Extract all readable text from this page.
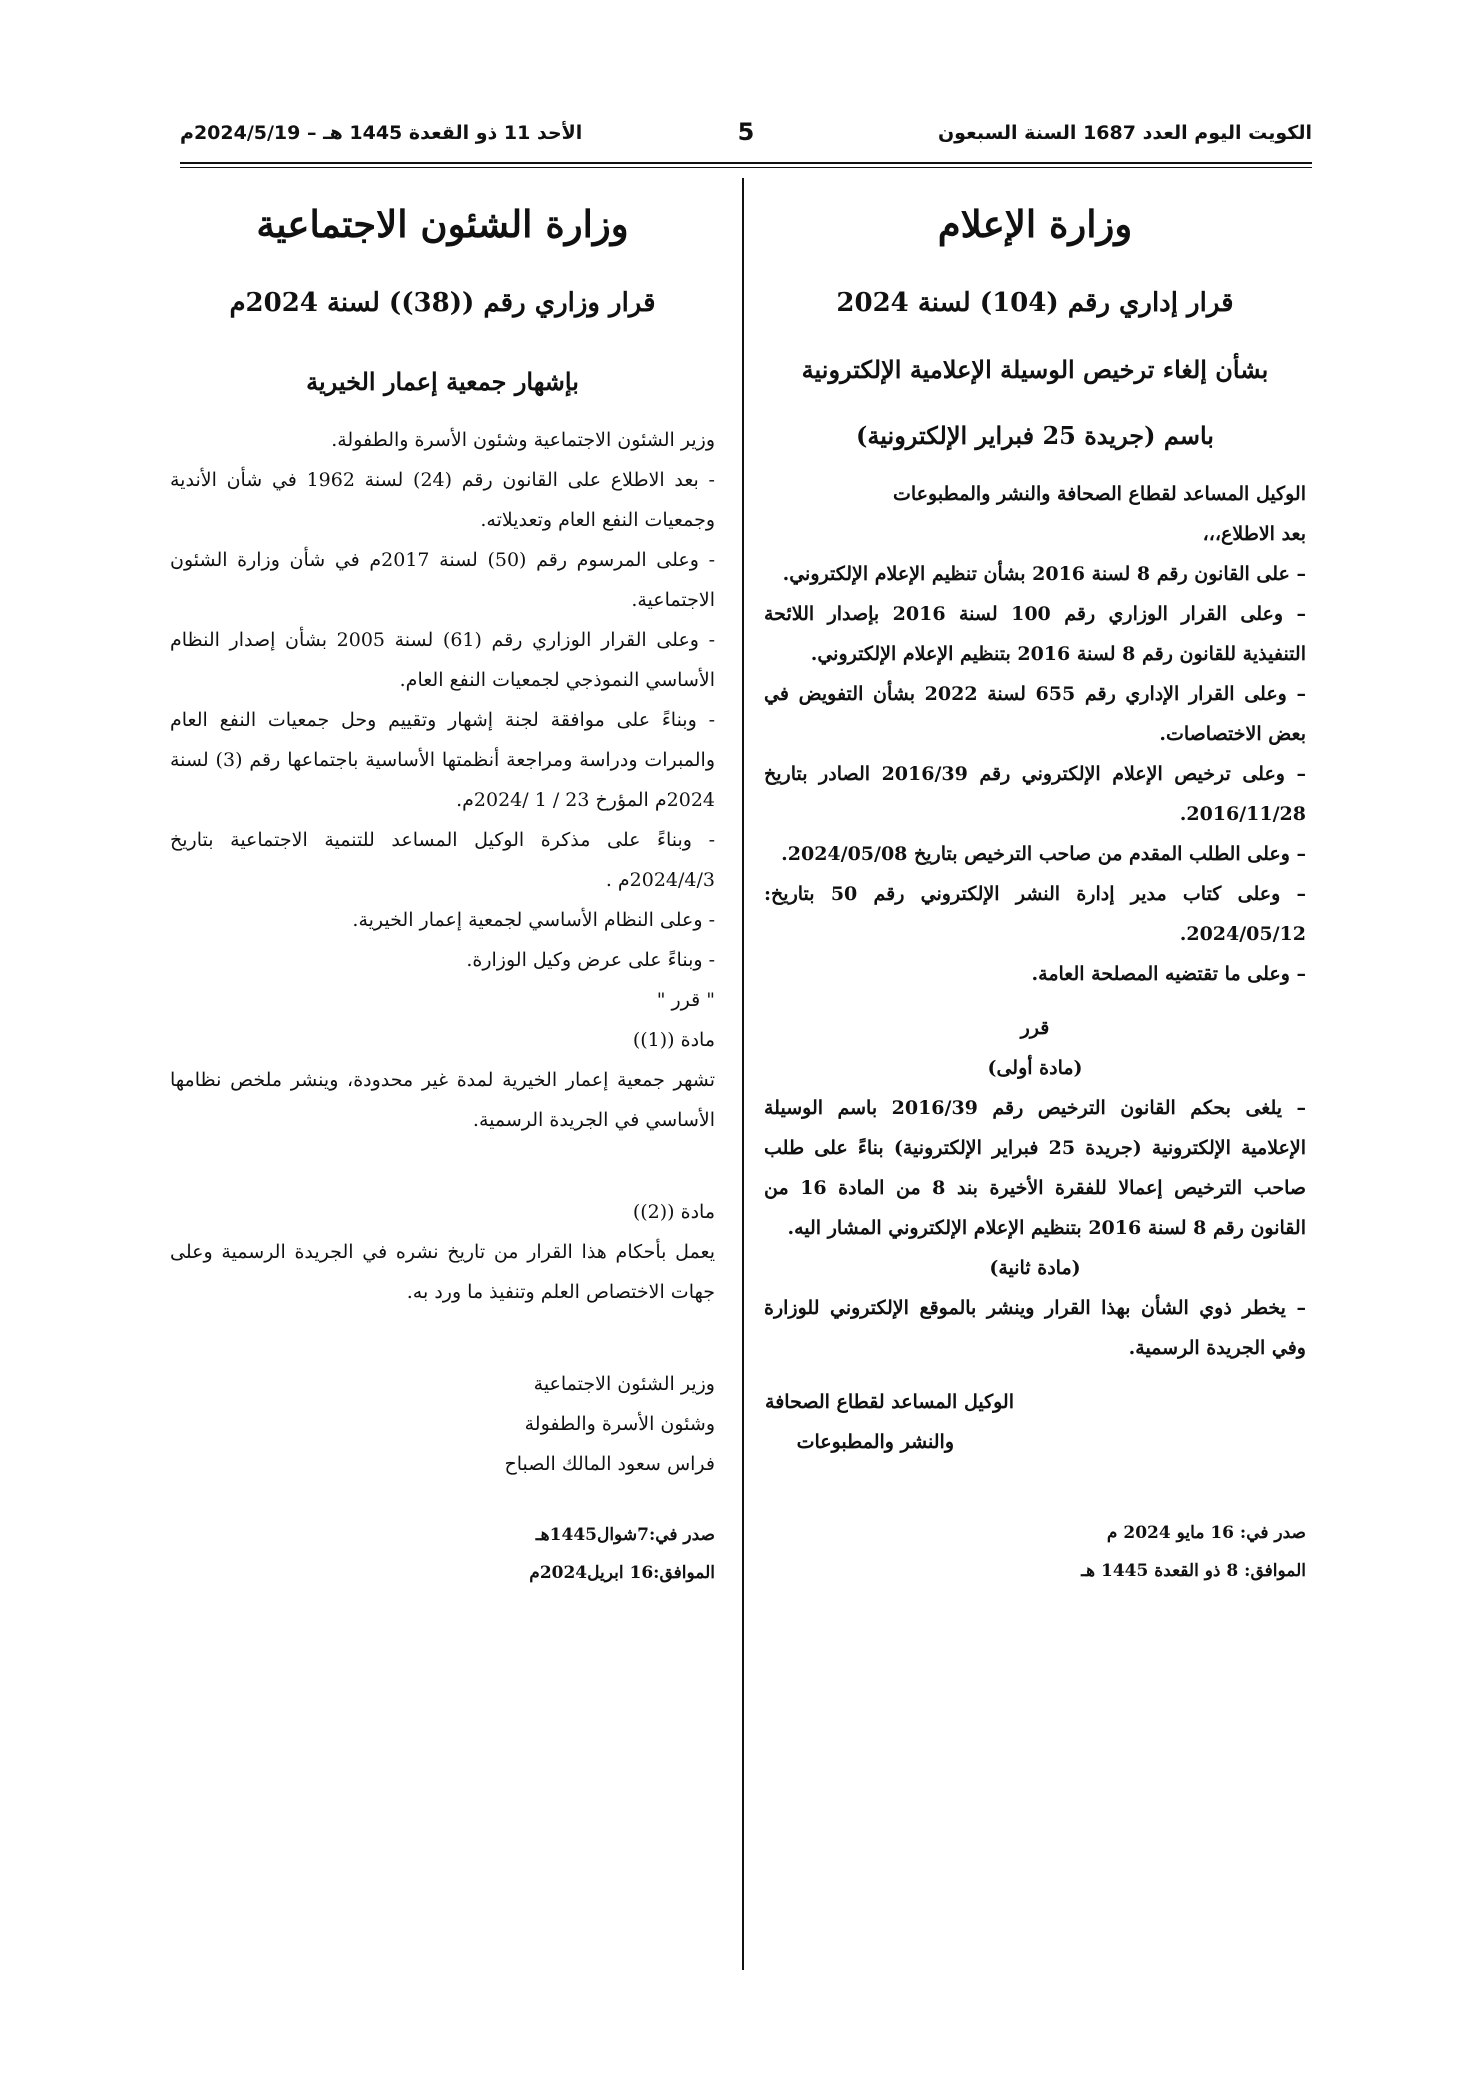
الكويت اليوم العدد 1687 السنة السبعون
5
الأحد 11 ذو القعدة 1445 هـ – 2024/5/19م
وزارة الإعلام
قرار إداري رقم (104) لسنة 2024
بشأن إلغاء ترخيص الوسيلة الإعلامية الإلكترونية
باسم (جريدة 25 فبراير الإلكترونية)

الوكيل المساعد لقطاع الصحافة والنشر والمطبوعات

بعد الاطلاع،،،

– على القانون رقم 8 لسنة 2016 بشأن تنظيم الإعلام الإلكتروني.

– وعلى القرار الوزاري رقم 100 لسنة 2016 بإصدار اللائحة التنفيذية للقانون رقم 8 لسنة 2016 بتنظيم الإعلام الإلكتروني.

– وعلى القرار الإداري رقم 655 لسنة 2022 بشأن التفويض في بعض الاختصاصات.

– وعلى ترخيص الإعلام الإلكتروني رقم 2016/39 الصادر بتاريخ 2016/11/28.

– وعلى الطلب المقدم من صاحب الترخيص بتاريخ 2024/05/08.

– وعلى كتاب مدير إدارة النشر الإلكتروني رقم 50 بتاريخ: 2024/05/12.

– وعلى ما تقتضيه المصلحة العامة.

قرر

(مادة أولى)

– يلغى بحكم القانون الترخيص رقم 2016/39 باسم الوسيلة الإعلامية الإلكترونية (جريدة 25 فبراير الإلكترونية) بناءً على طلب صاحب الترخيص إعمالا للفقرة الأخيرة بند 8 من المادة 16 من القانون رقم 8 لسنة 2016 بتنظيم الإعلام الإلكتروني المشار اليه.

(مادة ثانية)

– يخطر ذوي الشأن بهذا القرار وينشر بالموقع الإلكتروني للوزارة وفي الجريدة الرسمية.

الوكيل المساعد لقطاع الصحافة

والنشر والمطبوعات

صدر في: 16 مايو 2024 م
الموافق: 8 ذو القعدة 1445 هـ
وزارة الشئون الاجتماعية
قرار وزاري رقم ((38)) لسنة 2024م
بإشهار جمعية إعمار الخيرية

وزير الشئون الاجتماعية وشئون الأسرة والطفولة.

- بعد الاطلاع على القانون رقم (24) لسنة 1962 في شأن الأندية وجمعيات النفع العام وتعديلاته.

- وعلى المرسوم رقم (50) لسنة 2017م في شأن وزارة الشئون الاجتماعية.

- وعلى القرار الوزاري رقم (61) لسنة 2005 بشأن إصدار النظام الأساسي النموذجي لجمعيات النفع العام.

- وبناءً على موافقة لجنة إشهار وتقييم وحل جمعيات النفع العام والمبرات ودراسة ومراجعة أنظمتها الأساسية باجتماعها رقم (3) لسنة 2024م المؤرخ 23 / 1 /2024م.

- وبناءً على مذكرة الوكيل المساعد للتنمية الاجتماعية بتاريخ 2024/4/3م .

- وعلى النظام الأساسي لجمعية إعمار الخيرية.

- وبناءً على عرض وكيل الوزارة.

" قرر "

مادة ((1))

تشهر جمعية إعمار الخيرية لمدة غير محدودة، وينشر ملخص نظامها الأساسي في الجريدة الرسمية.

مادة ((2))

يعمل بأحكام هذا القرار من تاريخ نشره في الجريدة الرسمية وعلى جهات الاختصاص العلم وتنفيذ ما ورد به.

وزير الشئون الاجتماعية

وشئون الأسرة والطفولة

فراس سعود المالك الصباح

صدر في:7شوال1445هـ
الموافق:16 ابريل2024م
